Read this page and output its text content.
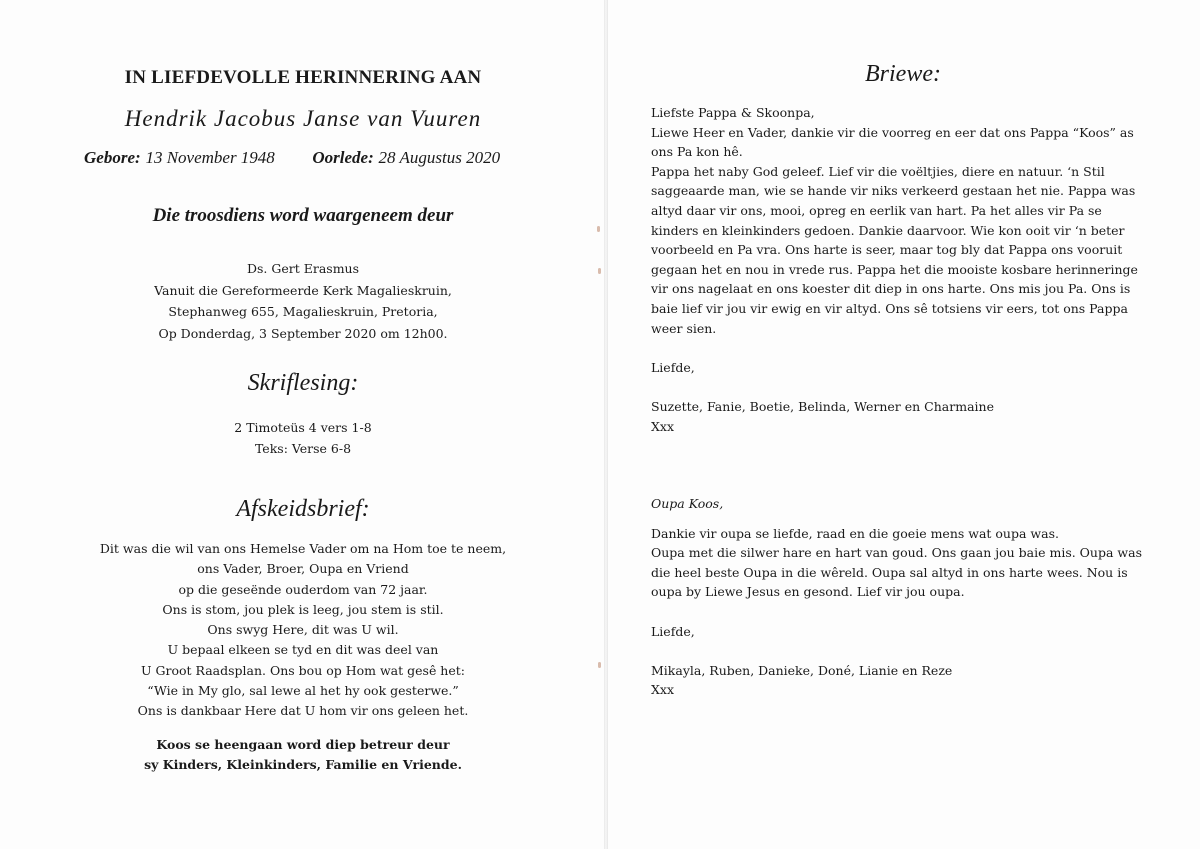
IN LIEFDEVOLLE HERINNERING AAN
Hendrik Jacobus Janse van Vuuren
Gebore: 13 November 1948 Oorlede: 28 Augustus 2020
Die troosdiens word waargeneem deur
Ds. Gert Erasmus
Vanuit die Gereformeerde Kerk Magalieskruin,
Stephanweg 655, Magalieskruin, Pretoria,
Op Donderdag, 3 September 2020 om 12h00.
Skriflesing:
2 Timoteüs 4 vers 1-8
Teks: Verse 6-8
Afskeidsbrief:
Dit was die wil van ons Hemelse Vader om na Hom toe te neem,
ons Vader, Broer, Oupa en Vriend
op die geseënde ouderdom van 72 jaar.
Ons is stom, jou plek is leeg, jou stem is stil.
Ons swyg Here, dit was U wil.
U bepaal elkeen se tyd en dit was deel van
U Groot Raadsplan. Ons bou op Hom wat gesê het:
“Wie in My glo, sal lewe al het hy ook gesterwe.”
Ons is dankbaar Here dat U hom vir ons geleen het.
Koos se heengaan word diep betreur deur
sy Kinders, Kleinkinders, Familie en Vriende.
Briewe:
Liefste Pappa & Skoonpa,

Liewe Heer en Vader, dankie vir die voorreg en eer dat ons Pappa “Koos” as
ons Pa kon hê.
Pappa het naby God geleef. Lief vir die voëltjies, diere en natuur. ‘n Stil
saggeaarde man, wie se hande vir niks verkeerd gestaan het nie. Pappa was
altyd daar vir ons, mooi, opreg en eerlik van hart. Pa het alles vir Pa se
kinders en kleinkinders gedoen. Dankie daarvoor. Wie kon ooit vir ‘n beter
voorbeeld en Pa vra. Ons harte is seer, maar tog bly dat Pappa ons vooruit
gegaan het en nou in vrede rus. Pappa het die mooiste kosbare herinneringe
vir ons nagelaat en ons koester dit diep in ons harte. Ons mis jou Pa. Ons is
baie lief vir jou vir ewig en vir altyd. Ons sê totsiens vir eers, tot ons Pappa
weer sien.

Liefde,

Suzette, Fanie, Boetie, Belinda, Werner en Charmaine
Xxx

Oupa Koos,

Dankie vir oupa se liefde, raad en die goeie mens wat oupa was.
Oupa met die silwer hare en hart van goud. Ons gaan jou baie mis. Oupa was
die heel beste Oupa in die wêreld. Oupa sal altyd in ons harte wees. Nou is
oupa by Liewe Jesus en gesond. Lief vir jou oupa.

Liefde,

Mikayla, Ruben, Danieke, Doné, Lianie en Reze
Xxx
